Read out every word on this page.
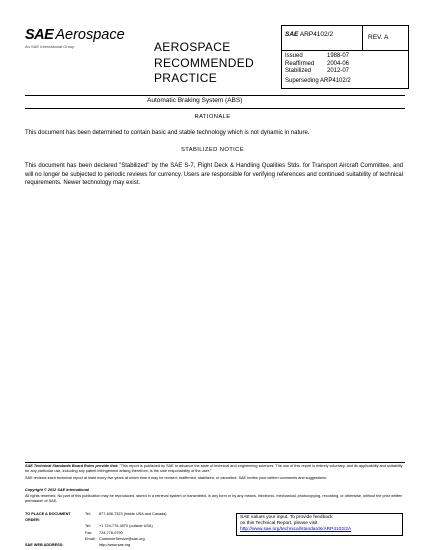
SAE Aerospace
An SAE International Group	AEROSPACE
RECOMMENDED
PRACTICE
SAE ARP4102/2	REV. A
Issued	1988-07
Reaffirmed	2004-06
Stabilized	2012-07
Superseding ARP4102/2
Automatic Braking System (ABS)
RATIONALE
This document has been determined to contain basic and stable technology which is not dynamic in nature.
STABILIZED NOTICE
This document has been declared "Stabilized" by the SAE S-7, Flight Deck & Handling Qualities Stds. for Transport Aircraft Committee, and will no longer be subjected to periodic reviews for currency. Users are responsible for verifying references and continued suitability of technical requirements. Newer technology may exist.
SAE Technical Standards Board Rules provide that: "This report is published by SAE to advance the state of technical and engineering sciences. The use of this report is entirely voluntary, and its applicability and suitability for any particular use, including any patent infringement arising therefrom, is the sole responsibility of the user."
SAE reviews each technical report at least every five years at which time it may be revised, reaffirmed, stabilized, or cancelled. SAE invites your written comments and suggestions.
Copyright © 2012 SAE International
All rights reserved. No part of this publication may be reproduced, stored in a retrieval system or transmitted, in any form or by any means, electronic, mechanical, photocopying, recording, or otherwise, without the prior written permission of SAE.
TO PLACE A DOCUMENT ORDER:
Tel:	877-606-7323 (inside USA and Canada)
Tel:	+1 724-776-4970 (outside USA)
Fax:	724-776-0790
Email: CustomerService@sae.org
SAE WEB ADDRESS:	http://www.sae.org
SAE values your input. To provide feedback
on this Technical Report, please visit
http://www.sae.org/technical/standards/ARP4102/2A
